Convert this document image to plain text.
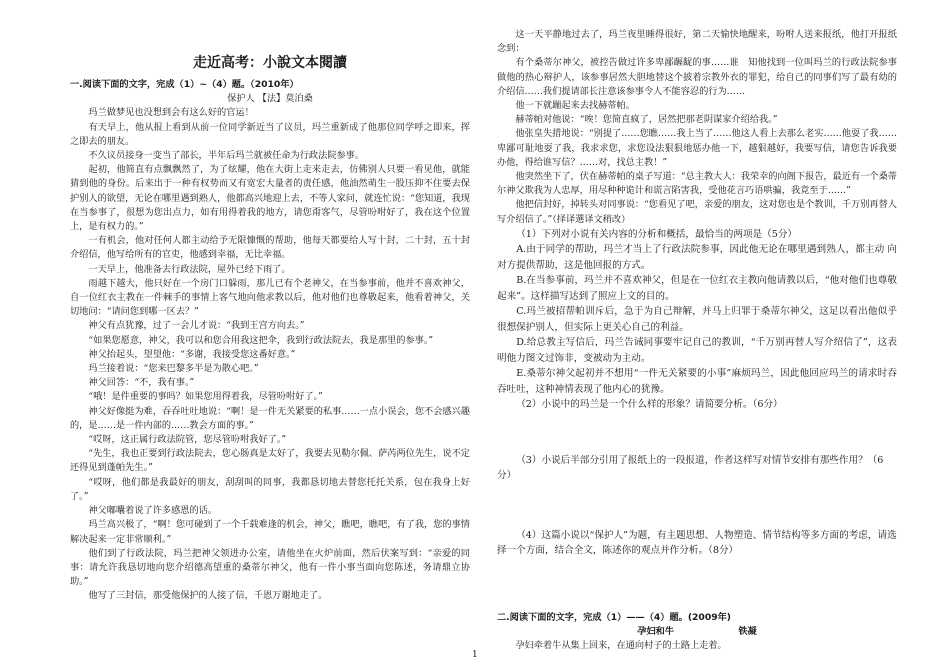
走近高考：小說文本閱讀

一.阅读下面的文字，完成（1）~（4）题。（2010年）

保护人 【法】莫泊桑

玛兰做梦见也没想到会有这么好的官运！

有天早上，他从报上看到从前一位同学新近当了议员，玛兰重新成了他那位同学呼之即来，挥之即去的朋友。

不久议员接身一变当了部长，半年后玛兰就被任命为行政法院参事。

起初，他简直有点飘飘然了，为了炫耀，他在大街上走来走去，仿佛别人只要一看见他，就能猜到他的身份。后来出于一种有权势而又有宽宏大量者的责任感，他油然萌生一股压抑不住要去保护别人的欲望，无论在哪里遇到熟人，他都高兴地迎上去，不等人家问，就连忙说：“您知道，我现在当参事了，很想为您出点力，如有用得着我的地方，请您甭客气，尽管吩咐好了，我在这个位置上，是有权力的。”

一有机会，他对任何人都主动给予无限慷慨的帮助，他每天都要给人写十封，二十封，五十封介绍信，他写给所有的官吏，他感到幸福，无比幸福。

一天早上，他准备去行政法院，屋外已经下雨了。

雨越下越大，他只好在一个房门口躲雨，那儿已有个老神父，在当参事前，他并不喜欢神父，自一位红衣主教在一件棘手的事情上客气地向他求教以后，他对他们也尊敬起来，他看着神父，关切地问：“请问您到哪一区去？”

神父有点犹豫，过了一会儿才说：“我到王宫方向去。”

“如果您愿意，神父，我可以和您合用我这把伞，我到行政法院去，我是那里的参事。”

神父抬起头，望望他：“多谢，我接受您这番好意。”

玛兰接着说：“您来巴黎多半是为散心吧。”

神父回答：“不，我有事。”

“哦！是件重要的事吗？如果您用得着我，尽管吩咐好了。”

神父好像挺为难，吞吞吐吐地说：“啊！是一件无关紧要的私事……一点小误会，您不会感兴趣的，是……是一件内部的……教会方面的事。”

“哎呀，这正属行政法院管，您尽管吩咐我好了。”

“先生，我也正要到行政法院去，您心肠真是太好了，我要去见勒尔佩、萨芮两位先生，说不定还得见到蓬帕先生。”

“哎呀，他们都是我最好的朋友，刮刮叫的同事，我都恳切地去替您托托关系，包在我身上好了。”

神父嘟囔着说了许多感恩的话。

玛兰高兴极了，“啊！您可碰到了一个千载难逢的机会，神父，瞧吧，瞧吧，有了我，您的事情解决起来一定非常顺利。”

他们到了行政法院，玛兰把神父领进办公室，请他坐在火炉前面，然后伏案写到：“亲爱的同事：请允许我恳切地向您介绍德高望重的桑蒂尔神父，他有一件小事当面向您陈述，务请鼎立协助。”

他写了三封信，那受他保护的人接了信，千恩万谢地走了。

这一天平静地过去了，玛兰夜里睡得很好，第二天愉快地醒来，吩咐人送来报纸，他打开报纸念到：

有个桑蒂尔神父，被控告做过许多卑鄙龌龊的事……谁　知他找到一位叫玛兰的行政法院参事做他的热心辩护人，该参事居然大胆地替这个披着宗教外衣的罪犯，给自己的同事们写了最有幼的介绍信……我们提请部长注意该参事令人不能容忍的行为……

他一下就蹦起来去找赫蒂帕。

赫蒂帕对他说：“唉！您简直疯了，居然把那老阴谋家介绍给我。”

他张皇失措地说：“别提了……您瞧……我上当了……他这人看上去那么老实……他耍了我……卑鄙可耻地耍了我，我求求您，求您设法狠狠地惩办他一下，越狠越好，我要写信，请您告诉我要办他，得给谁写信？……对，找总主教！”

他突然坐下了，伏在赫蒂帕的桌子写道：“总主教大人：我荣幸的向阁下报告，最近有一个桑蒂尔神父欺我为人忠厚，用尽种种诡计和谎言陷害我，受他花言巧语哄骗，我竟至于……”

他把信封好，掉转头对同事说：“您看见了吧，亲爱的朋友，这对您也是个教训，千万别再替人写介绍信了。”（择译選译文稍改）

（1）下列对小说有关内容的分析和概括，最恰当的两项是（5分）

A.由于同学的帮助，玛兰才当上了行政法院参事，因此他无论在哪里遇到熟人，都主动 向对方提供帮助，这是他回报的方式。

B.在当参事前，玛兰并不喜欢神父，但是在一位红衣主教向他请教以后，“他对他们也尊敬起来”。这样描写达到了照应上文的目的。

C.玛兰被招帮帕训斥后，急于为自己辩解，并马上归罪于桑蒂尔神父，这足以看出他似乎很想保护别人，但实际上更关心自己的利益。

D.给总教主写信后，玛兰告诫同事要牢记自己的教训，“千万别再替人写介绍信了”，这表明他力图文过饰非，变被动为主动。

E.桑蒂尔神父起初并不想用“一件无关紧要的小事”麻烦玛兰，因此他回应玛兰的请求时吞吞吐吐，这种神情表现了他内心的犹豫。

（2）小说中的玛兰是一个什么样的形象？请简要分析。（6分）

（3）小说后半部分引用了报纸上的一段报道，作者这样写对情节安排有那些作用？（6分）

（4）这篇小说以“保护人”为题，有主题思想、人物塑造、情节结构等多方面的考虑，请选择一个方面，结合全文，陈述你的观点并作分析。（8分）

二.阅读下面的文字，完成（1）——（4）题。(2009年)

孕妇和牛　　　　　　　铁凝

孕妇牵着牛从集上回来，在通向村子的土路上走着。

1
